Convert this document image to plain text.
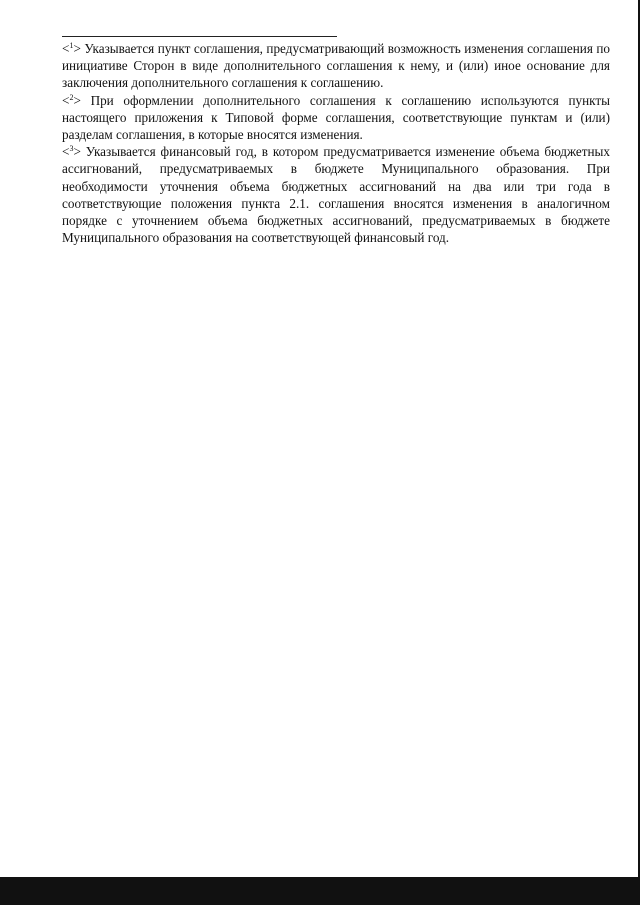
<$^1$> Указывается пункт соглашения, предусматривающий возможность изменения соглашения по инициативе Сторон в виде дополнительного соглашения к нему, и (или) иное основание для заключения дополнительного соглашения к соглашению.

<$^2$> При оформлении дополнительного соглашения к соглашению используются пункты настоящего приложения к Типовой форме соглашения, соответствующие пунктам и (или) разделам соглашения, в которые вносятся изменения.

<$^3$> Указывается финансовый год, в котором предусматривается изменение объема бюджетных ассигнований, предусматриваемых в бюджете Муниципального образования. При необходимости уточнения объема бюджетных ассигнований на два или три года в соответствующие положения пункта 2.1. соглашения вносятся изменения в аналогичном порядке с уточнением объема бюджетных ассигнований, предусматриваемых в бюджете Муниципального образования на соответствующей финансовый год.
